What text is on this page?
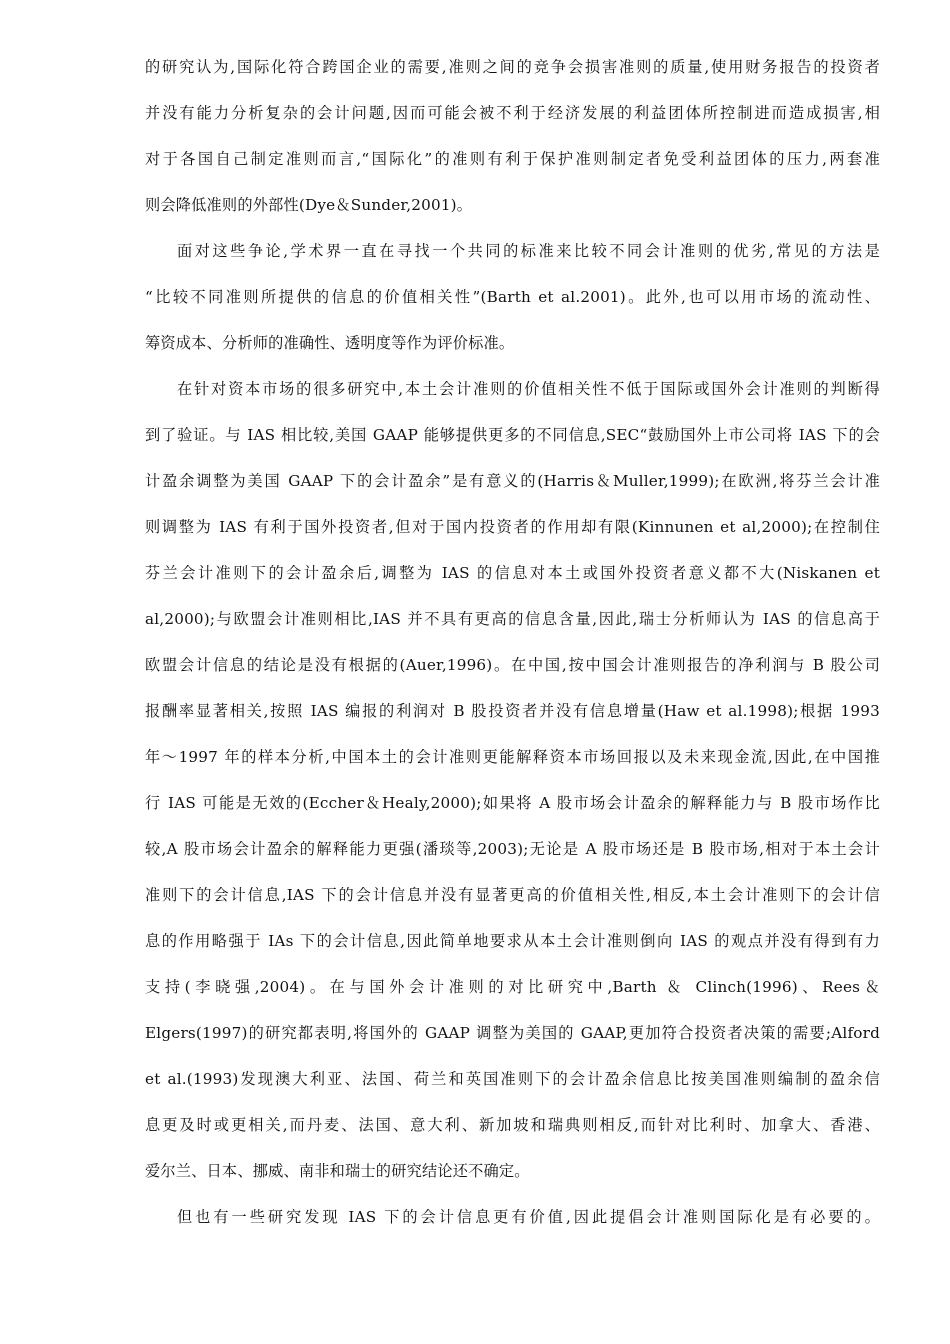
的研究认为,国际化符合跨国企业的需要,准则之间的竞争会损害准则的质量,使用财务报告的投资者
并没有能力分析复杂的会计问题,因而可能会被不利于经济发展的利益团体所控制进而造成损害,相
对于各国自己制定准则而言,“国际化”的准则有利于保护准则制定者免受利益团体的压力,两套准
则会降低准则的外部性(Dye＆Sunder,2001)。
面对这些争论,学术界一直在寻找一个共同的标准来比较不同会计准则的优劣,常见的方法是
“比较不同准则所提供的信息的价值相关性”(Barth et al.2001)。此外,也可以用市场的流动性、
筹资成本、分析师的准确性、透明度等作为评价标准。
在针对资本市场的很多研究中,本土会计准则的价值相关性不低于国际或国外会计准则的判断得
到了验证。与 IAS 相比较,美国 GAAP 能够提供更多的不同信息,SEC“鼓励国外上市公司将 IAS 下的会
计盈余调整为美国 GAAP 下的会计盈余”是有意义的(Harris＆Muller,1999);在欧洲,将芬兰会计准
则调整为 IAS 有利于国外投资者,但对于国内投资者的作用却有限(Kinnunen et al,2000);在控制住
芬兰会计准则下的会计盈余后,调整为 IAS 的信息对本土或国外投资者意义都不大(Niskanen et
al,2000);与欧盟会计准则相比,IAS 并不具有更高的信息含量,因此,瑞士分析师认为 IAS 的信息高于
欧盟会计信息的结论是没有根据的(Auer,1996)。在中国,按中国会计准则报告的净利润与 B 股公司
报酬率显著相关,按照 IAS 编报的利润对 B 股投资者并没有信息增量(Haw et al.1998);根据 1993
年～1997 年的样本分析,中国本土的会计准则更能解释资本市场回报以及未来现金流,因此,在中国推
行 IAS 可能是无效的(Eccher＆Healy,2000);如果将 A 股市场会计盈余的解释能力与 B 股市场作比
较,A 股市场会计盈余的解释能力更强(潘琰等,2003);无论是 A 股市场还是 B 股市场,相对于本土会计
准则下的会计信息,IAS 下的会计信息并没有显著更高的价值相关性,相反,本土会计准则下的会计信
息的作用略强于 IAs 下的会计信息,因此简单地要求从本土会计准则倒向 IAS 的观点并没有得到有力
支持(李晓强,2004)。在与国外会计准则的对比研究中,Barth ＆ Clinch(1996)、Rees＆
Elgers(1997)的研究都表明,将国外的 GAAP 调整为美国的 GAAP,更加符合投资者决策的需要;Alford
et al.(1993)发现澳大利亚、法国、荷兰和英国准则下的会计盈余信息比按美国准则编制的盈余信
息更及时或更相关,而丹麦、法国、意大利、新加坡和瑞典则相反,而针对比利时、加拿大、香港、
爱尔兰、日本、挪威、南非和瑞士的研究结论还不确定。
但也有一些研究发现 IAS 下的会计信息更有价值,因此提倡会计准则国际化是有必要的。
